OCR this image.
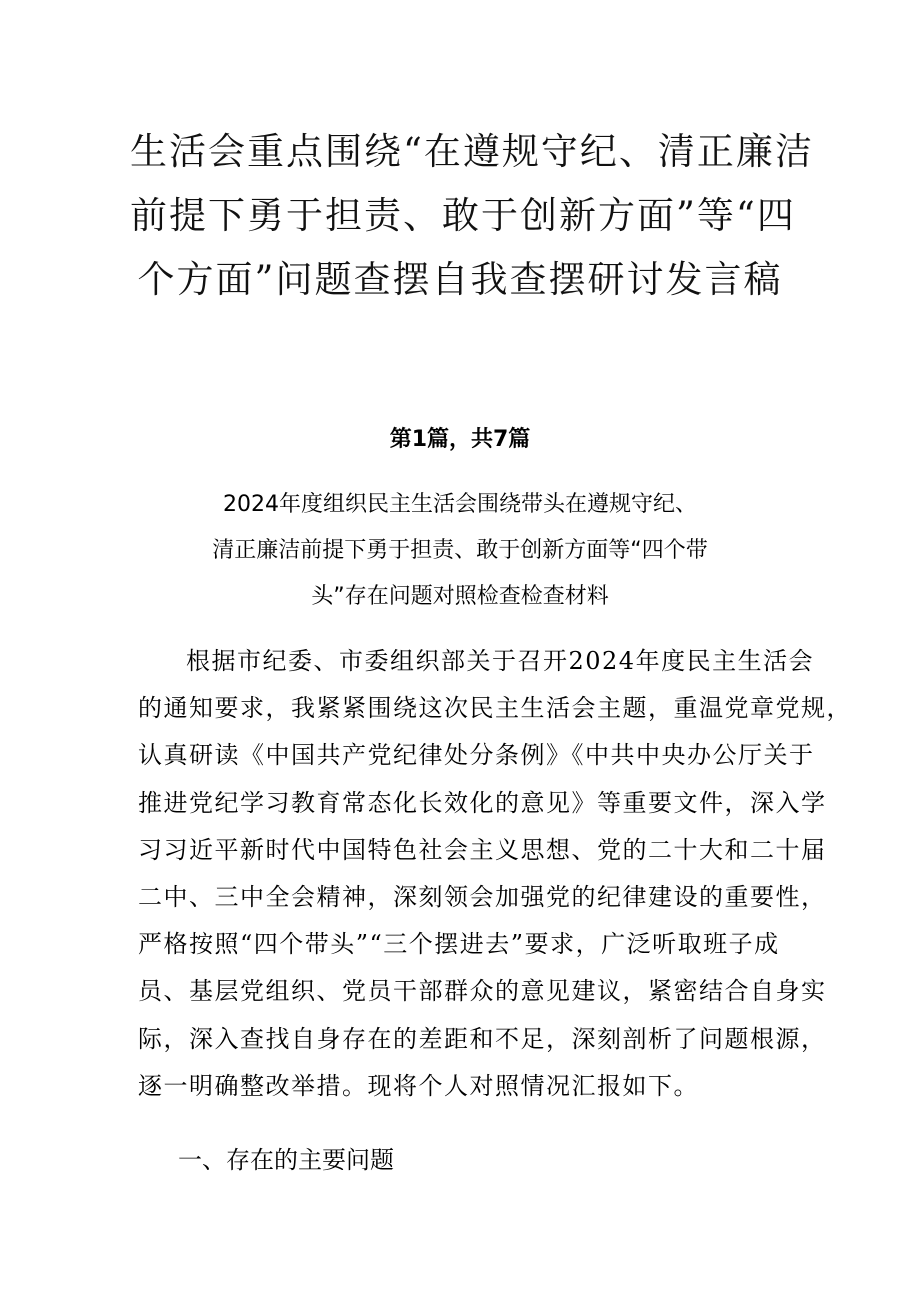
生活会重点围绕“在遵规守纪、清正廉洁
前提下勇于担责、敢于创新方面”等“四
个方面”问题查摆自我查摆研讨发言稿
第1篇，共7篇
2024年度组织民主生活会围绕带头在遵规守纪、
清正廉洁前提下勇于担责、敢于创新方面等“四个带
头”存在问题对照检查检查材料
根据市纪委、市委组织部关于召开2024年度民主生活会
的通知要求，我紧紧围绕这次民主生活会主题，重温党章党规，
认真研读《中国共产党纪律处分条例》《中共中央办公厅关于
推进党纪学习教育常态化长效化的意见》等重要文件，深入学
习习近平新时代中国特色社会主义思想、党的二十大和二十届
二中、三中全会精神，深刻领会加强党的纪律建设的重要性，
严格按照“四个带头”“三个摆进去”要求，广泛听取班子成
员、基层党组织、党员干部群众的意见建议，紧密结合自身实
际，深入查找自身存在的差距和不足，深刻剖析了问题根源，
逐一明确整改举措。现将个人对照情况汇报如下。
一、存在的主要问题
